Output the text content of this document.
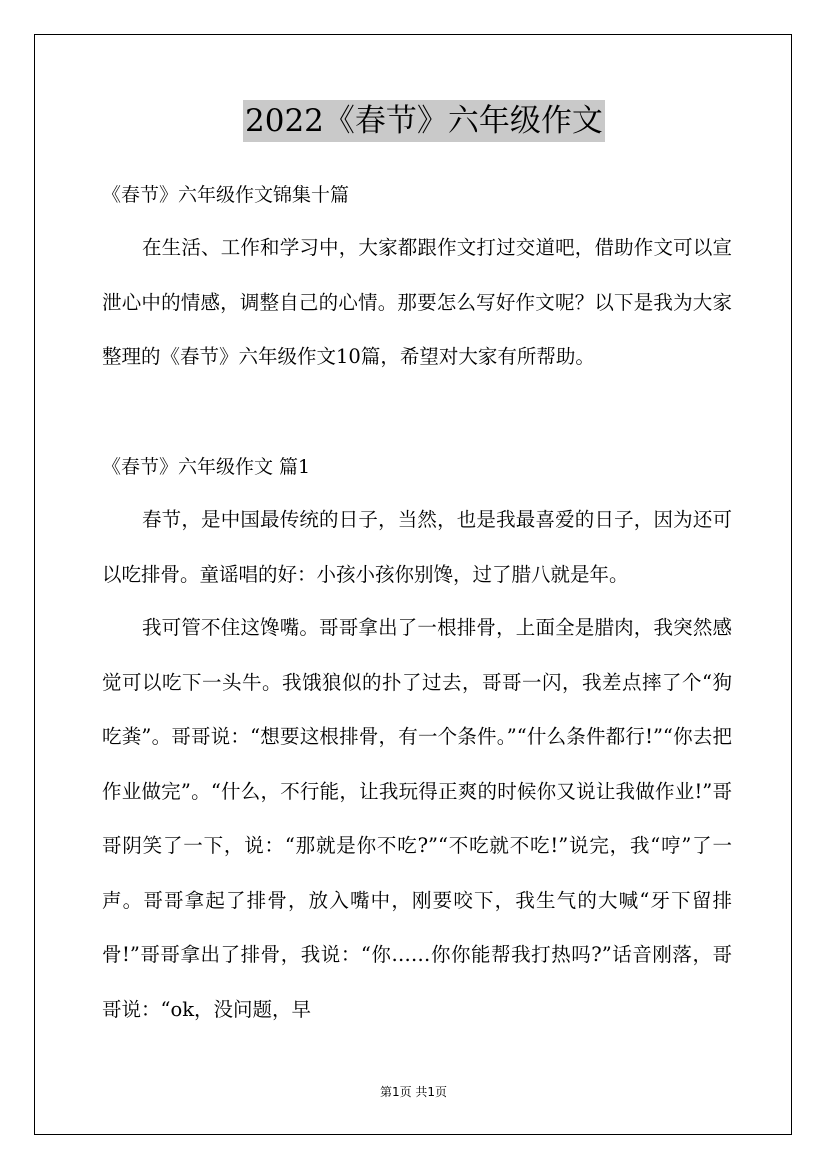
2022《春节》六年级作文
《春节》六年级作文锦集十篇
在生活、工作和学习中，大家都跟作文打过交道吧，借助作文可以宣泄心中的情感，调整自己的心情。那要怎么写好作文呢？以下是我为大家整理的《春节》六年级作文10篇，希望对大家有所帮助。
《春节》六年级作文 篇1
春节，是中国最传统的日子，当然，也是我最喜爱的日子，因为还可以吃排骨。童谣唱的好：小孩小孩你别馋，过了腊八就是年。
我可管不住这馋嘴。哥哥拿出了一根排骨，上面全是腊肉，我突然感觉可以吃下一头牛。我饿狼似的扑了过去，哥哥一闪，我差点摔了个“狗吃粪”。哥哥说：“想要这根排骨，有一个条件。”“什么条件都行!”“你去把作业做完”。“什么，不行能，让我玩得正爽的时候你又说让我做作业!”哥哥阴笑了一下，说：“那就是你不吃?”“不吃就不吃!”说完，我“哼”了一声。哥哥拿起了排骨，放入嘴中，刚要咬下，我生气的大喊“牙下留排骨!”哥哥拿出了排骨，我说：“你……你你能帮我打热吗?”话音刚落，哥哥说：“ok，没问题，早
第1页 共1页
